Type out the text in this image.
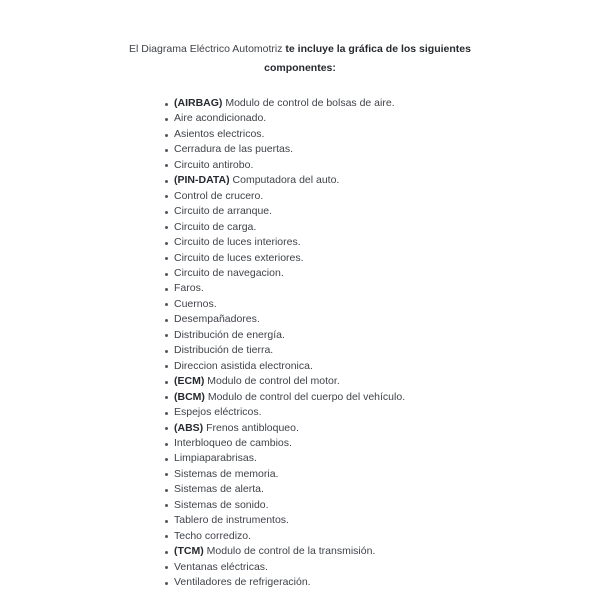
El Diagrama Eléctrico Automotriz te incluye la gráfica de los siguientes
componentes:
(AIRBAG) Modulo de control de bolsas de aire.
Aire acondicionado.
Asientos electricos.
Cerradura de las puertas.
Circuito antirobo.
(PIN-DATA) Computadora del auto.
Control de crucero.
Circuito de arranque.
Circuito de carga.
Circuito de luces interiores.
Circuito de luces exteriores.
Circuito de navegacion.
Faros.
Cuernos.
Desempañadores.
Distribución de energía.
Distribución de tierra.
Direccion asistida electronica.
(ECM) Modulo de control del motor.
(BCM) Modulo de control del cuerpo del vehículo.
Espejos eléctricos.
(ABS) Frenos antibloqueo.
Interbloqueo de cambios.
Limpiaparabrisas.
Sistemas de memoria.
Sistemas de alerta.
Sistemas de sonido.
Tablero de instrumentos.
Techo corredizo.
(TCM) Modulo de control de la transmisión.
Ventanas eléctricas.
Ventiladores de refrigeración.
